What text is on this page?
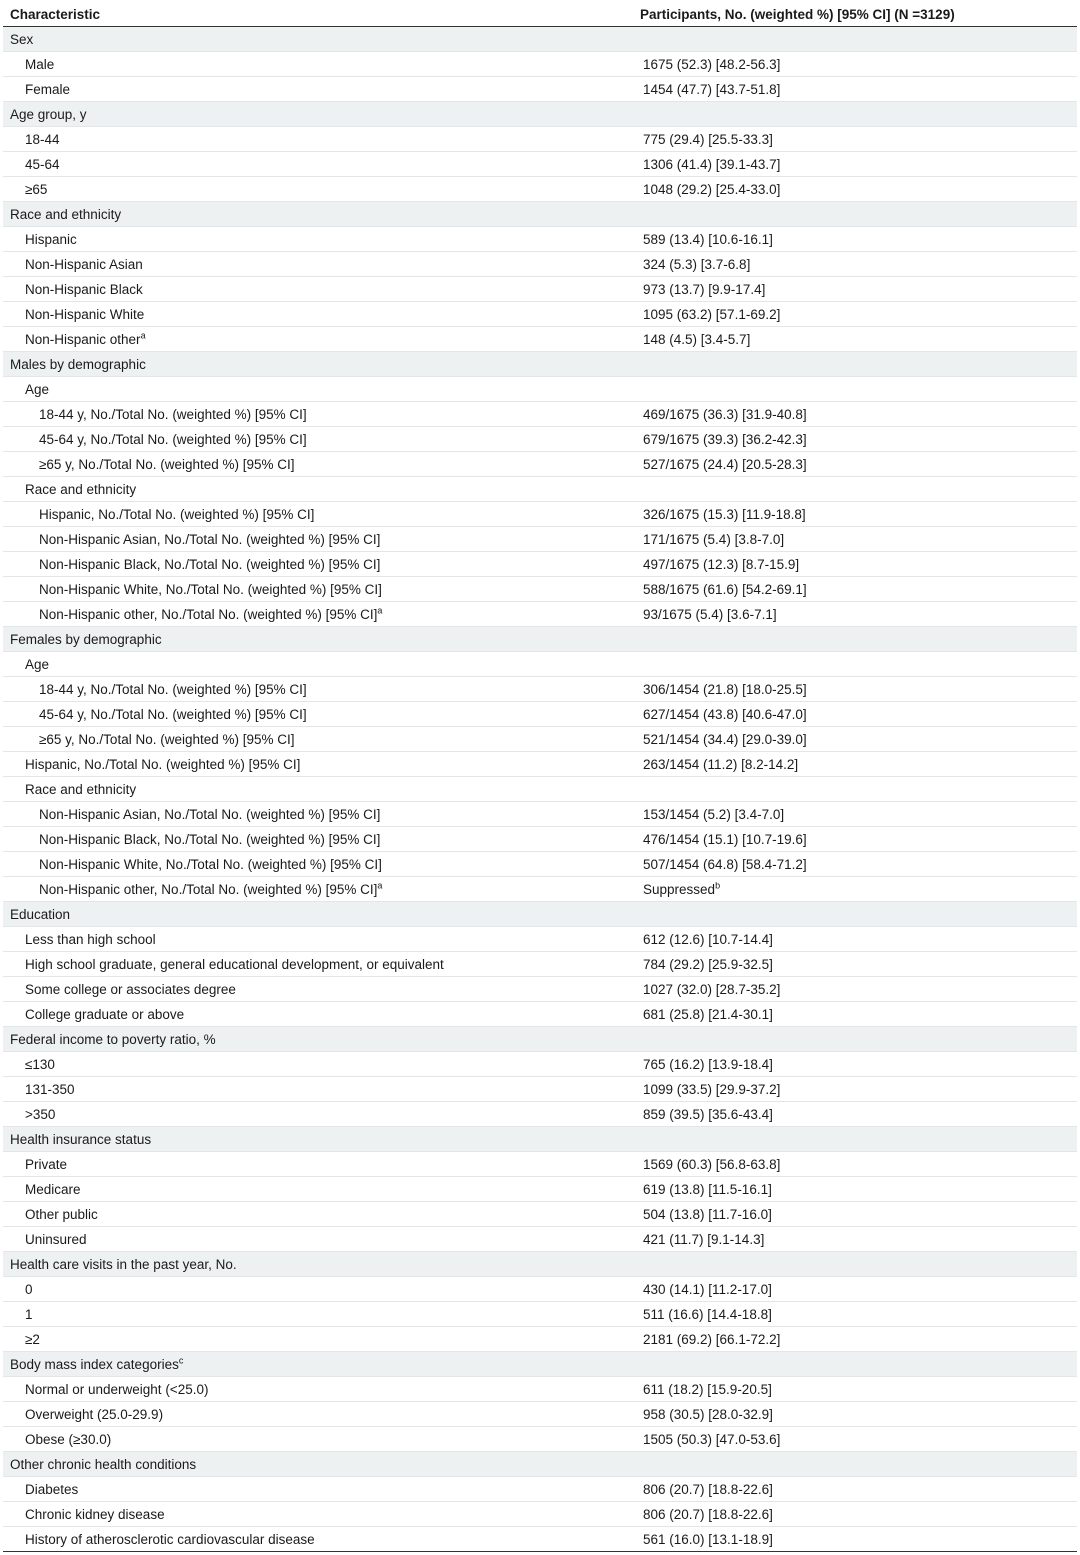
Characteristic	Participants, No. (weighted %) [95% CI] (N =3129)
Sex	
Male	1675 (52.3) [48.2-56.3]
Female	1454 (47.7) [43.7-51.8]
Age group, y	
18-44	775 (29.4) [25.5-33.3]
45-64	1306 (41.4) [39.1-43.7]
≥65	1048 (29.2) [25.4-33.0]
Race and ethnicity	
Hispanic	589 (13.4) [10.6-16.1]
Non-Hispanic Asian	324 (5.3) [3.7-6.8]
Non-Hispanic Black	973 (13.7) [9.9-17.4]
Non-Hispanic White	1095 (63.2) [57.1-69.2]
Non-Hispanic other$^a$	148 (4.5) [3.4-5.7]
Males by demographic	
Age	
18-44 y, No./Total No. (weighted %) [95% CI]	469/1675 (36.3) [31.9-40.8]
45-64 y, No./Total No. (weighted %) [95% CI]	679/1675 (39.3) [36.2-42.3]
≥65 y, No./Total No. (weighted %) [95% CI]	527/1675 (24.4) [20.5-28.3]
Race and ethnicity	
Hispanic, No./Total No. (weighted %) [95% CI]	326/1675 (15.3) [11.9-18.8]
Non-Hispanic Asian, No./Total No. (weighted %) [95% CI]	171/1675 (5.4) [3.8-7.0]
Non-Hispanic Black, No./Total No. (weighted %) [95% CI]	497/1675 (12.3) [8.7-15.9]
Non-Hispanic White, No./Total No. (weighted %) [95% CI]	588/1675 (61.6) [54.2-69.1]
Non-Hispanic other, No./Total No. (weighted %) [95% CI]$^a$	93/1675 (5.4) [3.6-7.1]
Females by demographic	
Age	
18-44 y, No./Total No. (weighted %) [95% CI]	306/1454 (21.8) [18.0-25.5]
45-64 y, No./Total No. (weighted %) [95% CI]	627/1454 (43.8) [40.6-47.0]
≥65 y, No./Total No. (weighted %) [95% CI]	521/1454 (34.4) [29.0-39.0]
Hispanic, No./Total No. (weighted %) [95% CI]	263/1454 (11.2) [8.2-14.2]
Race and ethnicity	
Non-Hispanic Asian, No./Total No. (weighted %) [95% CI]	153/1454 (5.2) [3.4-7.0]
Non-Hispanic Black, No./Total No. (weighted %) [95% CI]	476/1454 (15.1) [10.7-19.6]
Non-Hispanic White, No./Total No. (weighted %) [95% CI]	507/1454 (64.8) [58.4-71.2]
Non-Hispanic other, No./Total No. (weighted %) [95% CI]$^a$	Suppressed$^b$
Education	
Less than high school	612 (12.6) [10.7-14.4]
High school graduate, general educational development, or equivalent	784 (29.2) [25.9-32.5]
Some college or associates degree	1027 (32.0) [28.7-35.2]
College graduate or above	681 (25.8) [21.4-30.1]
Federal income to poverty ratio, %	
≤130	765 (16.2) [13.9-18.4]
131-350	1099 (33.5) [29.9-37.2]
>350	859 (39.5) [35.6-43.4]
Health insurance status	
Private	1569 (60.3) [56.8-63.8]
Medicare	619 (13.8) [11.5-16.1]
Other public	504 (13.8) [11.7-16.0]
Uninsured	421 (11.7) [9.1-14.3]
Health care visits in the past year, No.	
0	430 (14.1) [11.2-17.0]
1	511 (16.6) [14.4-18.8]
≥2	2181 (69.2) [66.1-72.2]
Body mass index categories$^c$	
Normal or underweight (<25.0)	611 (18.2) [15.9-20.5]
Overweight (25.0-29.9)	958 (30.5) [28.0-32.9]
Obese (≥30.0)	1505 (50.3) [47.0-53.6]
Other chronic health conditions	
Diabetes	806 (20.7) [18.8-22.6]
Chronic kidney disease	806 (20.7) [18.8-22.6]
History of atherosclerotic cardiovascular disease	561 (16.0) [13.1-18.9]
